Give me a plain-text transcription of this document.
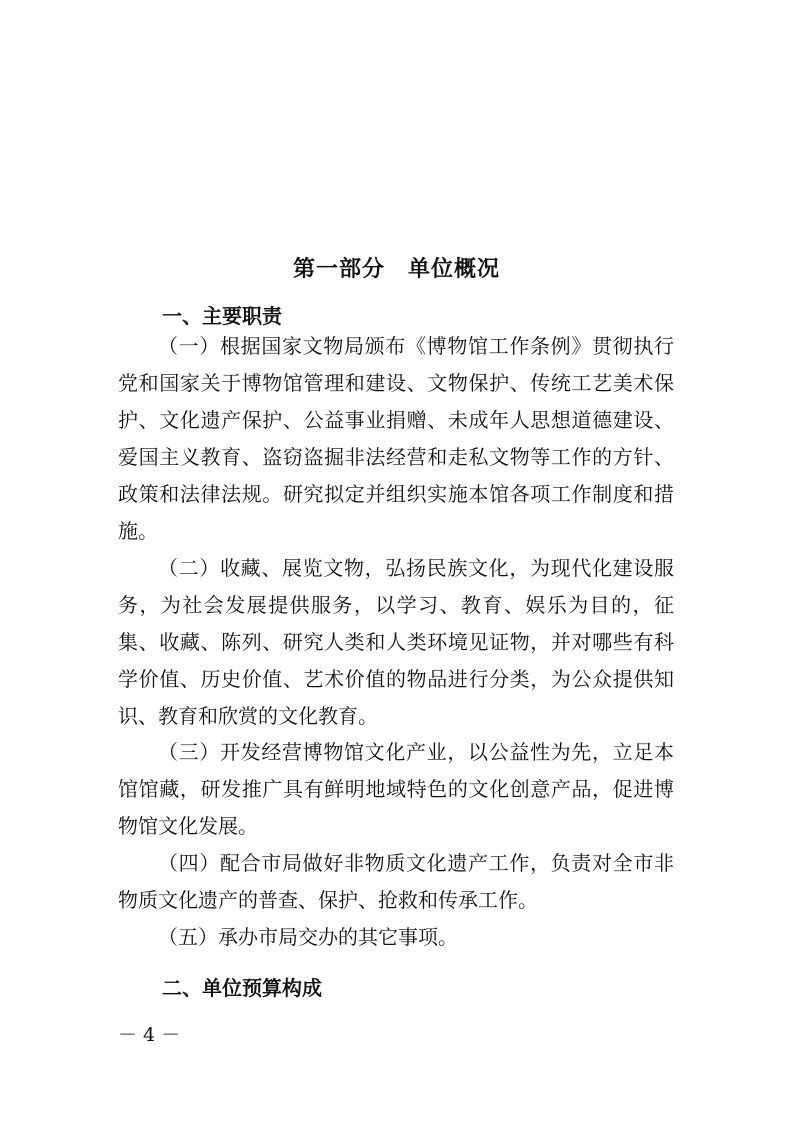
第一部分　单位概况
一、主要职责

（一）根据国家文物局颁布《博物馆工作条例》贯彻执行党和国家关于博物馆管理和建设、文物保护、传统工艺美术保护、文化遗产保护、公益事业捐赠、未成年人思想道德建设、爱国主义教育、盗窃盗掘非法经营和走私文物等工作的方针、政策和法律法规。研究拟定并组织实施本馆各项工作制度和措施。

（二）收藏、展览文物，弘扬民族文化，为现代化建设服务，为社会发展提供服务，以学习、教育、娱乐为目的，征集、收藏、陈列、研究人类和人类环境见证物，并对哪些有科学价值、历史价值、艺术价值的物品进行分类，为公众提供知识、教育和欣赏的文化教育。

（三）开发经营博物馆文化产业，以公益性为先，立足本馆馆藏，研发推广具有鲜明地域特色的文化创意产品，促进博物馆文化发展。

（四）配合市局做好非物质文化遗产工作，负责对全市非物质文化遗产的普查、保护、抢救和传承工作。

（五）承办市局交办的其它事项。

二、单位预算构成
－ 4 －
